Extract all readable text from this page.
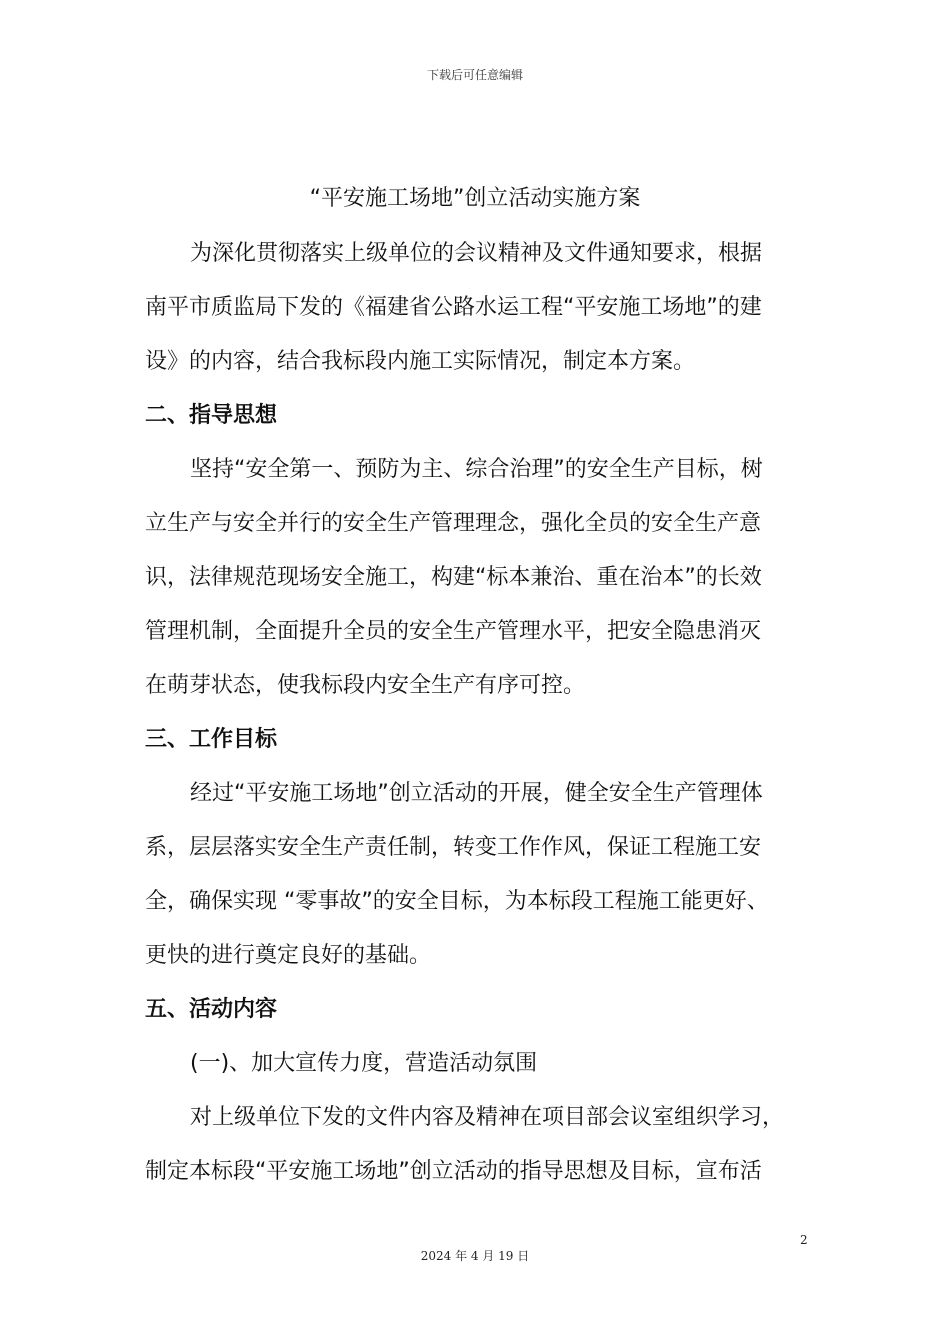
下载后可任意编辑
“平安施工场地”创立活动实施方案
为深化贯彻落实上级单位的会议精神及文件通知要求，根据
南平市质监局下发的《福建省公路水运工程“平安施工场地”的建
设》的内容，结合我标段内施工实际情况，制定本方案。
二、指导思想
坚持“安全第一、预防为主、综合治理”的安全生产目标，树
立生产与安全并行的安全生产管理理念，强化全员的安全生产意
识，法律规范现场安全施工，构建“标本兼治、重在治本”的长效
管理机制，全面提升全员的安全生产管理水平，把安全隐患消灭
在萌芽状态，使我标段内安全生产有序可控。
三、工作目标
经过“平安施工场地”创立活动的开展，健全安全生产管理体
系，层层落实安全生产责任制，转变工作作风，保证工程施工安
全，确保实现 “零事故”的安全目标，为本标段工程施工能更好、
更快的进行奠定良好的基础。
五、活动内容
(一)、加大宣传力度，营造活动氛围
对上级单位下发的文件内容及精神在项目部会议室组织学习，
制定本标段“平安施工场地”创立活动的指导思想及目标，宣布活
2
2024 年 4 月 19 日
